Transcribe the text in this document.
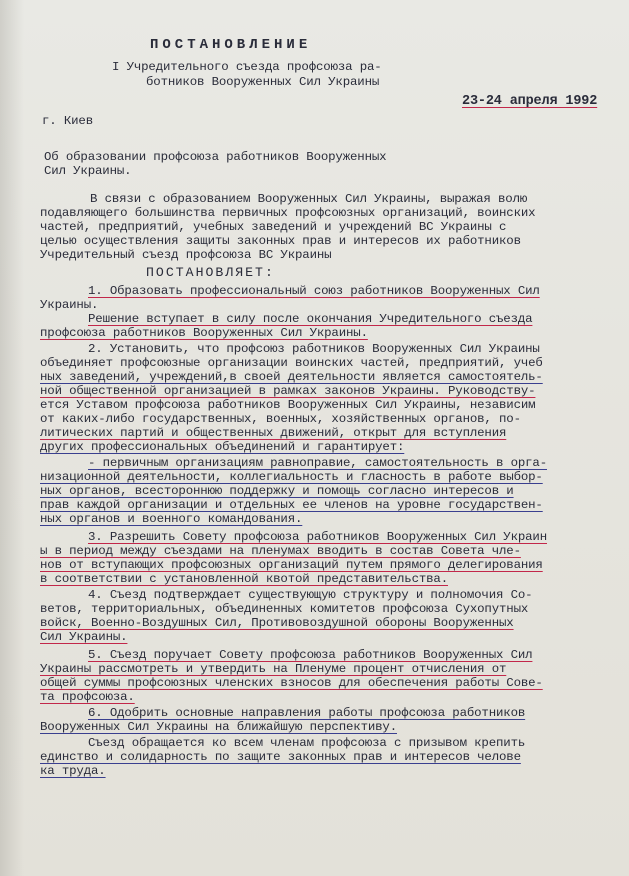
ПОСТАНОВЛЕНИЕ
I Учредительного съезда профсоюза ра-
ботников Вооруженных Сил Украины
23-24 апреля 1992
г. Киев
Об образовании профсоюза работников Вооруженных
Сил Украины.
В связи с образованием Вооруженных Сил Украины, выражая волю
подавляющего большинства первичных профсоюзных организаций, воинских
частей, предприятий, учебных заведений и учреждений ВС Украины с
целью осуществления защиты законных прав и интересов их работников
Учредительный съезд профсоюза ВС Украины
ПОСТАНОВЛЯЕТ:
1. Образовать профессиональный союз работников Вооруженных Сил
Украины.
Решение вступает в силу после окончания Учредительного съезда
профсоюза работников Вооруженных Сил Украины.
2. Установить, что профсоюз работников Вооруженных Сил Украины
объединяет профсоюзные организации воинских частей, предприятий, учеб
ных заведений, учреждений,в своей деятельности является самостоятель-
ной общественной организацией в рамках законов Украины. Руководству-
ется Уставом профсоюза работников Вооруженных Сил Украины, независим
от каких-либо государственных, военных, хозяйственных органов, по-
литических партий и общественных движений, открыт для вступления
других профессиональных объединений и гарантирует:
- первичным организациям равноправие, самостоятельность в орга-
низационной деятельности, коллегиальность и гласность в работе выбор-
ных органов, всестороннюю поддержку и помощь согласно интересов и
прав каждой организации и отдельных ее членов на уровне государствен-
ных органов и военного командования.
3. Разрешить Совету профсоюза работников Вооруженных Сил Украин
ы в период между съездами на пленумах вводить в состав Совета чле-
нов от вступающих профсоюзных организаций путем прямого делегирования
в соответствии с установленной квотой представительства.
4. Съезд подтверждает существующую структуру и полномочия Со-
ветов, территориальных, объединенных комитетов профсоюза Сухопутных
войск, Военно-Воздушных Сил, Противовоздушной обороны Вооруженных
Сил Украины.
5. Съезд поручает Совету профсоюза работников Вооруженных Сил
Украины рассмотреть и утвердить на Пленуме процент отчисления от
общей суммы профсоюзных членских взносов для обеспечения работы Сове-
та профсоюза.
6. Одобрить основные направления работы профсоюза работников
Вооруженных Сил Украины на ближайшую перспективу.
Съезд обращается ко всем членам профсоюза с призывом крепить
единство и солидарность по защите законных прав и интересов челове
ка труда.
